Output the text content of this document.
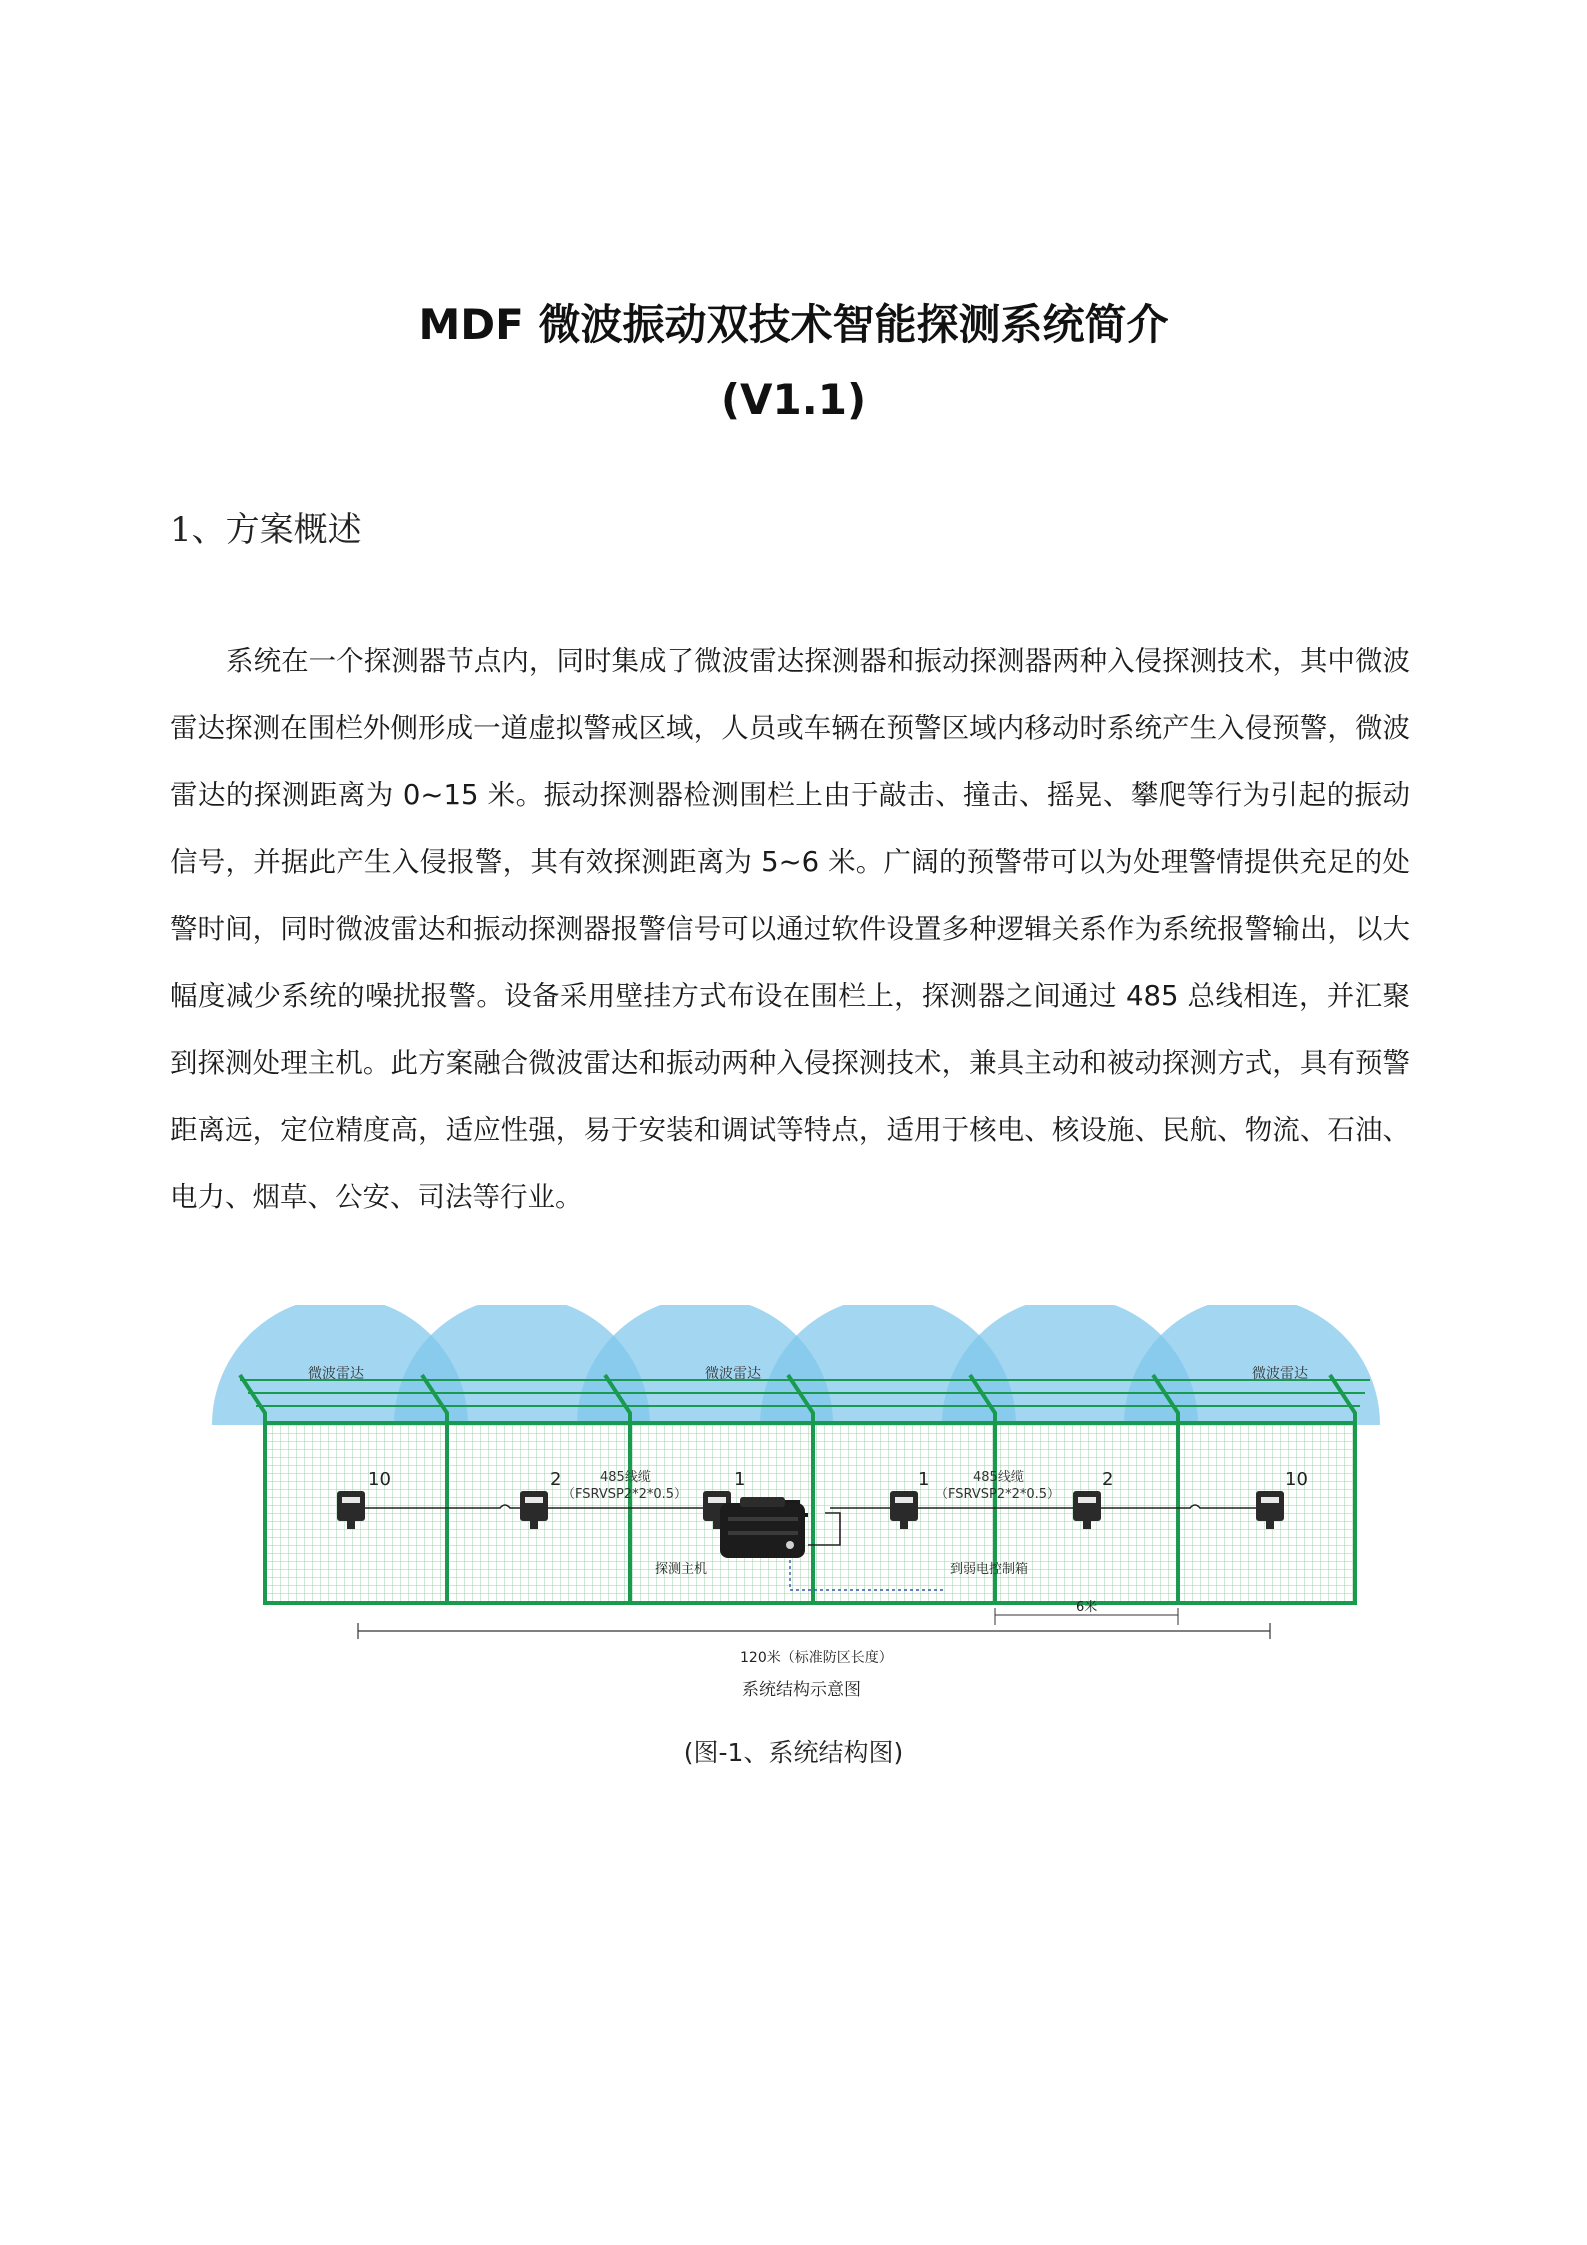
MDF 微波振动双技术智能探测系统简介
(V1.1)
1、方案概述

系统在一个探测器节点内，同时集成了微波雷达探测器和振动探测器两种入侵探测技术，其中微波雷达探测在围栏外侧形成一道虚拟警戒区域，人员或车辆在预警区域内移动时系统产生入侵预警，微波雷达的探测距离为 0~15 米。振动探测器检测围栏上由于敲击、撞击、摇晃、攀爬等行为引起的振动信号，并据此产生入侵报警，其有效探测距离为 5~6 米。广阔的预警带可以为处理警情提供充足的处警时间，同时微波雷达和振动探测器报警信号可以通过软件设置多种逻辑关系作为系统报警输出，以大幅度减少系统的噪扰报警。设备采用壁挂方式布设在围栏上，探测器之间通过 485 总线相连，并汇聚到探测处理主机。此方案融合微波雷达和振动两种入侵探测技术，兼具主动和被动探测方式，具有预警距离远，定位精度高，适应性强，易于安装和调试等特点，适用于核电、核设施、民航、物流、石油、电力、烟草、公安、司法等行业。

微波雷达	微波雷达	微波雷达
10	2	1	1	2	10
485线缆
（FSRVSP2*2*0.5）
485线缆
（FSRVSP2*2*0.5）
探测主机	到弱电控制箱
6米
120米（标准防区长度）
系统结构示意图
(图-1、系统结构图)
